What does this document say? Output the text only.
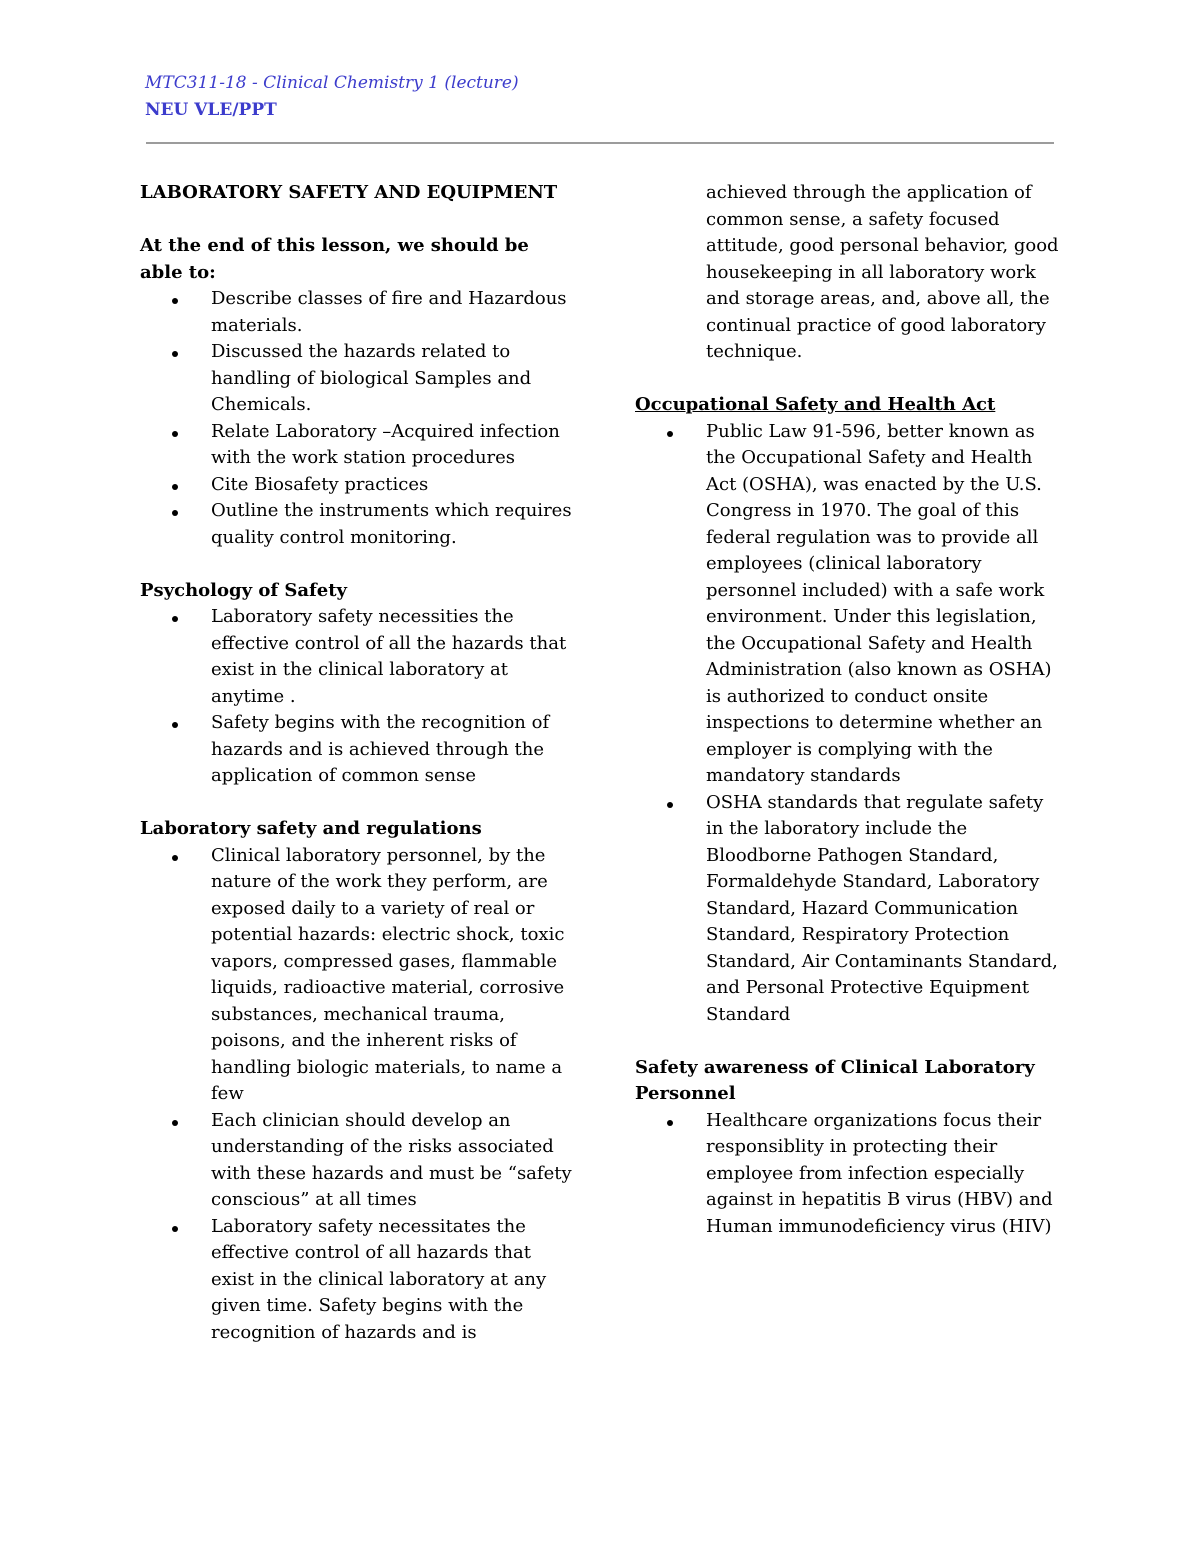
MTC311-18 - Clinical Chemistry 1 (lecture)
NEU VLE/PPT

LABORATORY SAFETY AND EQUIPMENT

At the end of this lesson, we should be able to:

Describe classes of fire and Hazardous materials.
Discussed the hazards related to handling of biological Samples and Chemicals.
Relate Laboratory –Acquired infection with the work station procedures
Cite Biosafety practices
Outline the instruments which requires quality control monitoring.

Psychology of Safety

Laboratory safety necessities the effective control of all the hazards that exist in the clinical laboratory at anytime .
Safety begins with the recognition of hazards and is achieved through the application of common sense

Laboratory safety and regulations

Clinical laboratory personnel, by the nature of the work they perform, are exposed daily to a variety of real or potential hazards: electric shock, toxic vapors, compressed gases, flammable liquids, radioactive material, corrosive substances, mechanical trauma, poisons, and the inherent risks of handling biologic materials, to name a few
Each clinician should develop an understanding of the risks associated with these hazards and must be “safety conscious” at all times
Laboratory safety necessitates the effective control of all hazards that exist in the clinical laboratory at any given time. Safety begins with the recognition of hazards and is
achieved through the application of common sense, a safety focused attitude, good personal behavior, good housekeeping in all laboratory work and storage areas, and, above all, the continual practice of good laboratory technique.

Occupational Safety and Health Act

Public Law 91-596, better known as the Occupational Safety and Health Act (OSHA), was enacted by the U.S. Congress in 1970. The goal of this federal regulation was to provide all employees (clinical laboratory personnel included) with a safe work environment. Under this legislation, the Occupational Safety and Health Administration (also known as OSHA) is authorized to conduct onsite inspections to determine whether an employer is complying with the mandatory standards
OSHA standards that regulate safety in the laboratory include the Bloodborne Pathogen Standard, Formaldehyde Standard, Laboratory Standard, Hazard Communication Standard, Respiratory Protection Standard, Air Contaminants Standard, and Personal Protective Equipment Standard

Safety awareness of Clinical Laboratory Personnel

Healthcare organizations focus their responsiblity in protecting their employee from infection especially against in hepatitis B virus (HBV) and Human immunodeficiency virus (HIV)
